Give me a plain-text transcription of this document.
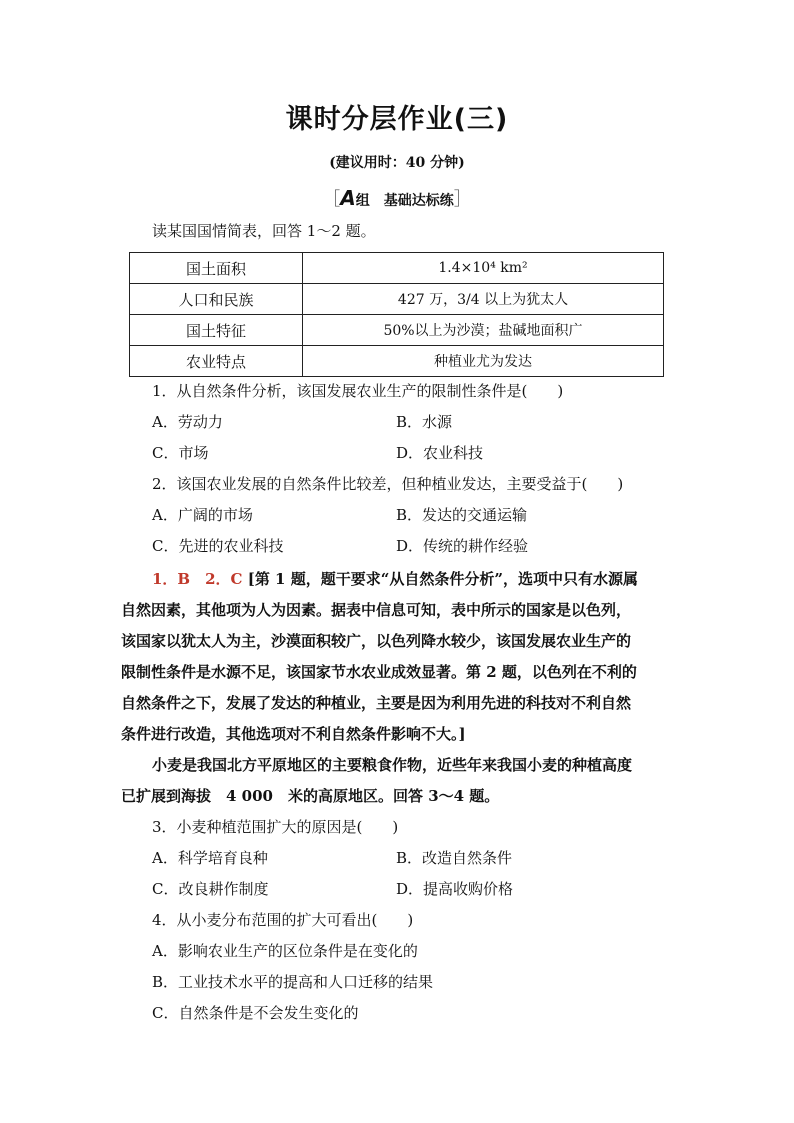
课时分层作业(三)
(建议用时：40 分钟)
［A组　基础达标练］
读某国国情简表，回答 1～2 题。
国土面积	1.4×10⁴ km²
人口和民族	427 万，3/4 以上为犹太人
国土特征	50%以上为沙漠；盐碱地面积广
农业特点	种植业尤为发达
1．从自然条件分析，该国发展农业生产的限制性条件是(　　)
A．劳动力	B．水源
C．市场	D．农业科技
2．该国农业发展的自然条件比较差，但种植业发达，主要受益于(　　)
A．广阔的市场	B．发达的交通运输
C．先进的农业科技	D．传统的耕作经验
1．B　2．C [第 1 题，题干要求“从自然条件分析”，选项中只有水源属
自然因素，其他项为人为因素。据表中信息可知，表中所示的国家是以色列，
该国家以犹太人为主，沙漠面积较广，以色列降水较少，该国发展农业生产的
限制性条件是水源不足，该国家节水农业成效显著。第 2 题，以色列在不利的
自然条件之下，发展了发达的种植业，主要是因为利用先进的科技对不利自然
条件进行改造，其他选项对不利自然条件影响不大。]
小麦是我国北方平原地区的主要粮食作物，近些年来我国小麦的种植高度
已扩展到海拔　4 000　米的高原地区。回答 3～4 题。
3．小麦种植范围扩大的原因是(　　)
A．科学培育良种	B．改造自然条件
C．改良耕作制度	D．提高收购价格
4．从小麦分布范围的扩大可看出(　　)
A．影响农业生产的区位条件是在变化的
B．工业技术水平的提高和人口迁移的结果
C．自然条件是不会发生变化的
